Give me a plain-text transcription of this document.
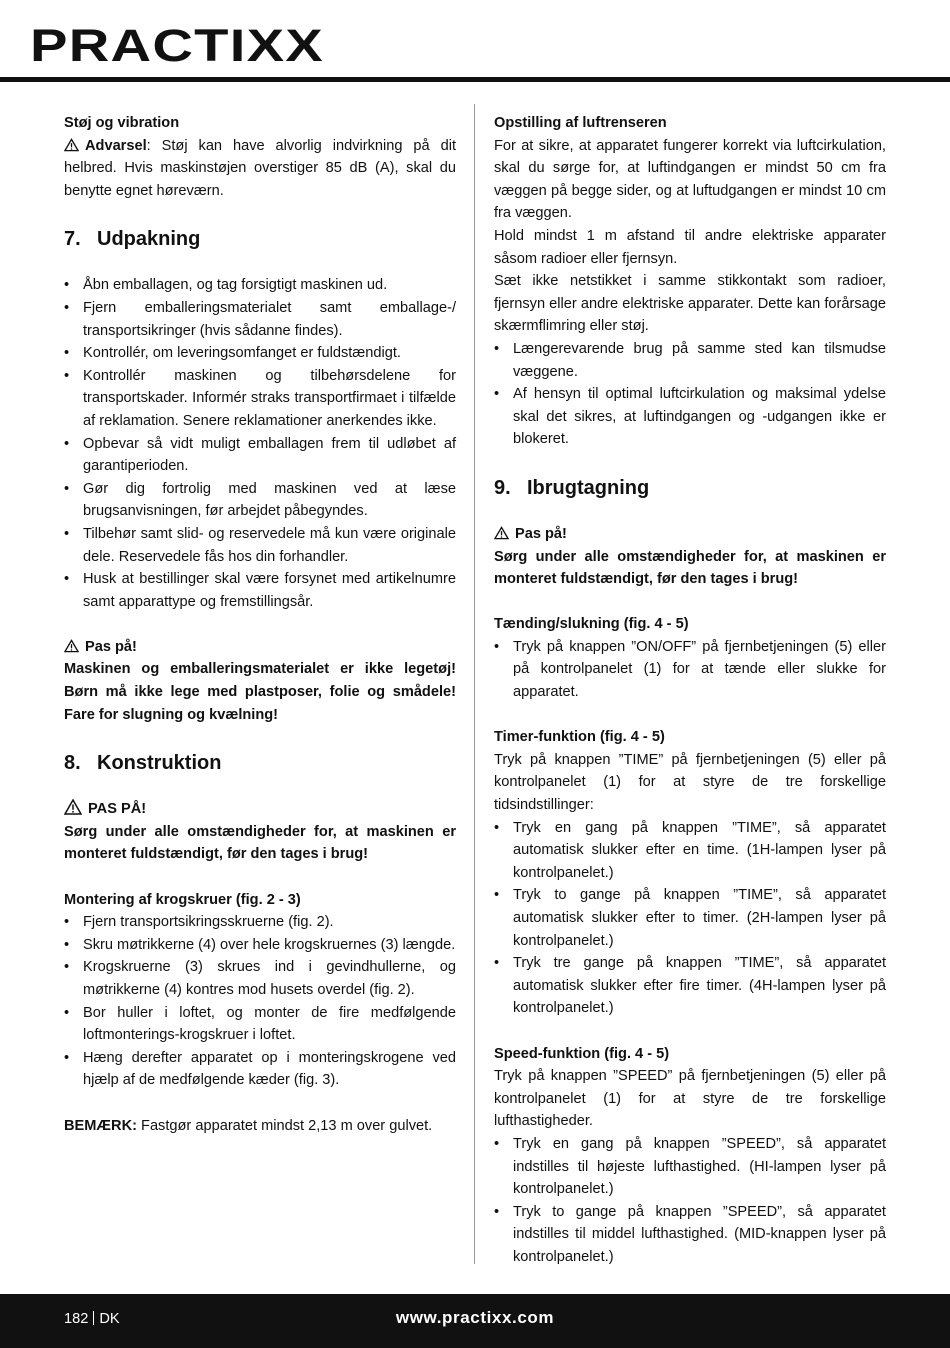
PRACTIXX

Støj og vibration

Advarsel: Støj kan have alvorlig indvirkning på dit helbred. Hvis maskinstøjen overstiger 85 dB (A), skal du benytte egnet høreværn.

7. Udpakning
• Åbn emballagen, og tag forsigtigt maskinen ud.
• Fjern emballeringsmaterialet samt emballage-/ transportsikringer (hvis sådanne findes).
• Kontrollér, om leveringsomfanget er fuldstændigt.
• Kontrollér maskinen og tilbehørsdelene for transportskader. Informér straks transportfirmaet i tilfælde af reklamation. Senere reklamationer anerkendes ikke.
• Opbevar så vidt muligt emballagen frem til udløbet af garantiperioden.
• Gør dig fortrolig med maskinen ved at læse brugsanvisningen, før arbejdet påbegyndes.
• Tilbehør samt slid- og reservedele må kun være originale dele. Reservedele fås hos din forhandler.
• Husk at bestillinger skal være forsynet med artikelnumre samt apparattype og fremstillingsår.

Pas på!

Maskinen og emballeringsmaterialet er ikke legetøj! Børn må ikke lege med plastposer, folie og smådele! Fare for slugning og kvælning!

8. Konstruktion

PAS PÅ!

Sørg under alle omstændigheder for, at maskinen er monteret fuldstændigt, før den tages i brug!

Montering af krogskruer (fig. 2 - 3)

• Fjern transportsikringsskruerne (fig. 2).
• Skru møtrikkerne (4) over hele krogskruernes (3) længde.
• Krogskruerne (3) skrues ind i gevindhullerne, og møtrikkerne (4) kontres mod husets overdel (fig. 2).
• Bor huller i loftet, og monter de fire medfølgende loftmonterings-krogskruer i loftet.
• Hæng derefter apparatet op i monteringskrogene ved hjælp af de medfølgende kæder (fig. 3).

BEMÆRK: Fastgør apparatet mindst 2,13 m over gulvet.

Opstilling af luftrenseren

For at sikre, at apparatet fungerer korrekt via luftcirkulation, skal du sørge for, at luftindgangen er mindst 50 cm fra væggen på begge sider, og at luftudgangen er mindst 10 cm fra væggen.

Hold mindst 1 m afstand til andre elektriske apparater såsom radioer eller fjernsyn.

Sæt ikke netstikket i samme stikkontakt som radioer, fjernsyn eller andre elektriske apparater. Dette kan forårsage skærmflimring eller støj.

• Længerevarende brug på samme sted kan tilsmudse væggene.
• Af hensyn til optimal luftcirkulation og maksimal ydelse skal det sikres, at luftindgangen og -udgangen ikke er blokeret.
9. Ibrugtagning

Pas på!

Sørg under alle omstændigheder for, at maskinen er monteret fuldstændigt, før den tages i brug!

Tænding/slukning (fig. 4 - 5)

• Tryk på knappen ”ON/OFF” på fjernbetjeningen (5) eller på kontrolpanelet (1) for at tænde eller slukke for apparatet.

Timer-funktion (fig. 4 - 5)

Tryk på knappen ”TIME” på fjernbetjeningen (5) eller på kontrolpanelet (1) for at styre de tre forskellige tidsindstillinger:

• Tryk en gang på knappen ”TIME”, så apparatet automatisk slukker efter en time. (1H-lampen lyser på kontrolpanelet.)
• Tryk to gange på knappen ”TIME”, så apparatet automatisk slukker efter to timer. (2H-lampen lyser på kontrolpanelet.)
• Tryk tre gange på knappen ”TIME”, så apparatet automatisk slukker efter fire timer. (4H-lampen lyser på kontrolpanelet.)

Speed-funktion (fig. 4 - 5)

Tryk på knappen ”SPEED” på fjernbetjeningen (5) eller på kontrolpanelet (1) for at styre de tre forskellige lufthastigheder.

• Tryk en gang på knappen ”SPEED”, så apparatet indstilles til højeste lufthastighed. (HI-lampen lyser på kontrolpanelet.)
• Tryk to gange på knappen ”SPEED”, så apparatet indstilles til middel lufthastighed. (MID-knappen lyser på kontrolpanelet.)
182 DK	www.practixx.com
